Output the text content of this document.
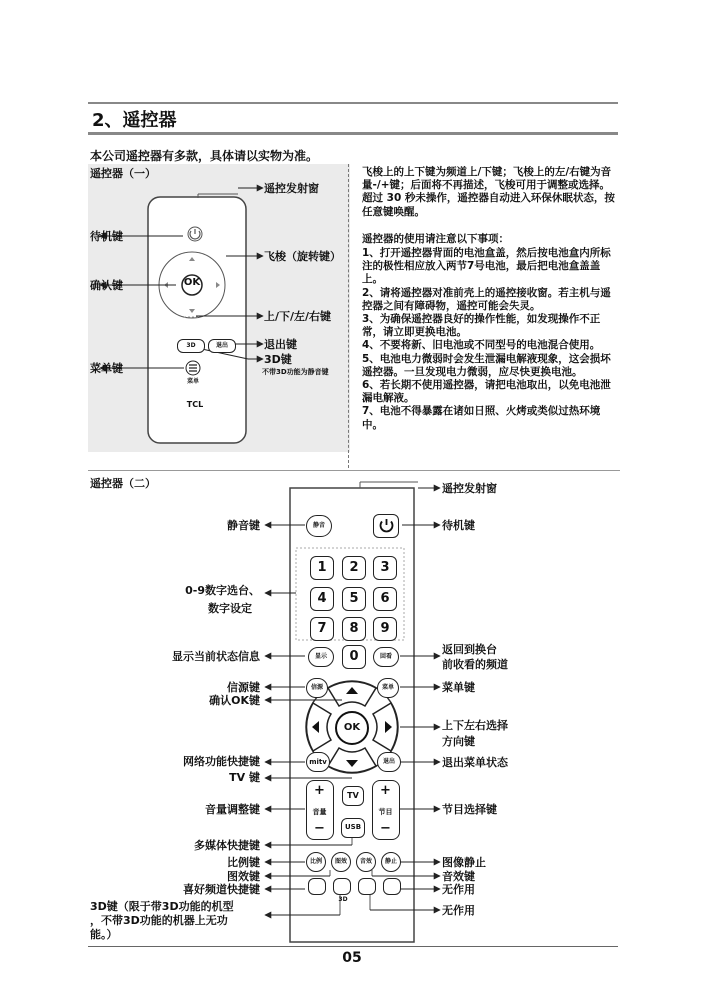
2、遥控器
本公司遥控器有多款，具体请以实物为准。
遥控器（一）
3D	退出
OK
菜单
TCL
遥控发射窗
待机键
飞梭（旋转键）
确认键
上/下/左/右键
退出键
菜单键
3D键
不带3D功能为静音键
飞梭上的上下键为频道上/下键；飞梭上的左/右键为音量-/+键；后面将不再描述，飞梭可用于调整或选择。超过 30 秒未操作，遥控器自动进入环保休眠状态，按任意键唤醒。
遥控器的使用请注意以下事项：
1、打开遥控器背面的电池盒盖，然后按电池盒内所标注的极性相应放入两节7号电池，最后把电池盒盖盖上。
2、请将遥控器对准前壳上的遥控接收窗。若主机与遥控器之间有障碍物，遥控可能会失灵。
3、为确保遥控器良好的操作性能，如发现操作不正常，请立即更换电池。
4、不要将新、旧电池或不同型号的电池混合使用。
5、电池电力微弱时会发生泄漏电解液现象，这会损坏遥控器。一旦发现电力微弱，应尽快更换电池。
6、若长期不使用遥控器，请把电池取出，以免电池泄漏电解液。
7、电池不得暴露在诸如日照、火烤或类似过热环境中。
遥控器（二）
静音
1	2	3
4	5	6
7	8	9
显示	0	回看
信源	菜单
OK
mitv	退出
+
音量
−
TV
USB
+
节目
−
比例	图效	音效	静止
3D
遥控发射窗
静音键	待机键
0-9数字选台、
数字设定
显示当前状态信息
返回到换台
前收看的频道
信源键	菜单键
确认OK键
上下左右选择
方向键
网络功能快捷键	退出菜单状态
TV 键
音量调整键	节目选择键
多媒体快捷键
比例键	图像静止
图效键	音效键
喜好频道快捷键	无作用
3D键（限于带3D功能的机型
，不带3D功能的机器上无功
能。）
无作用
05
